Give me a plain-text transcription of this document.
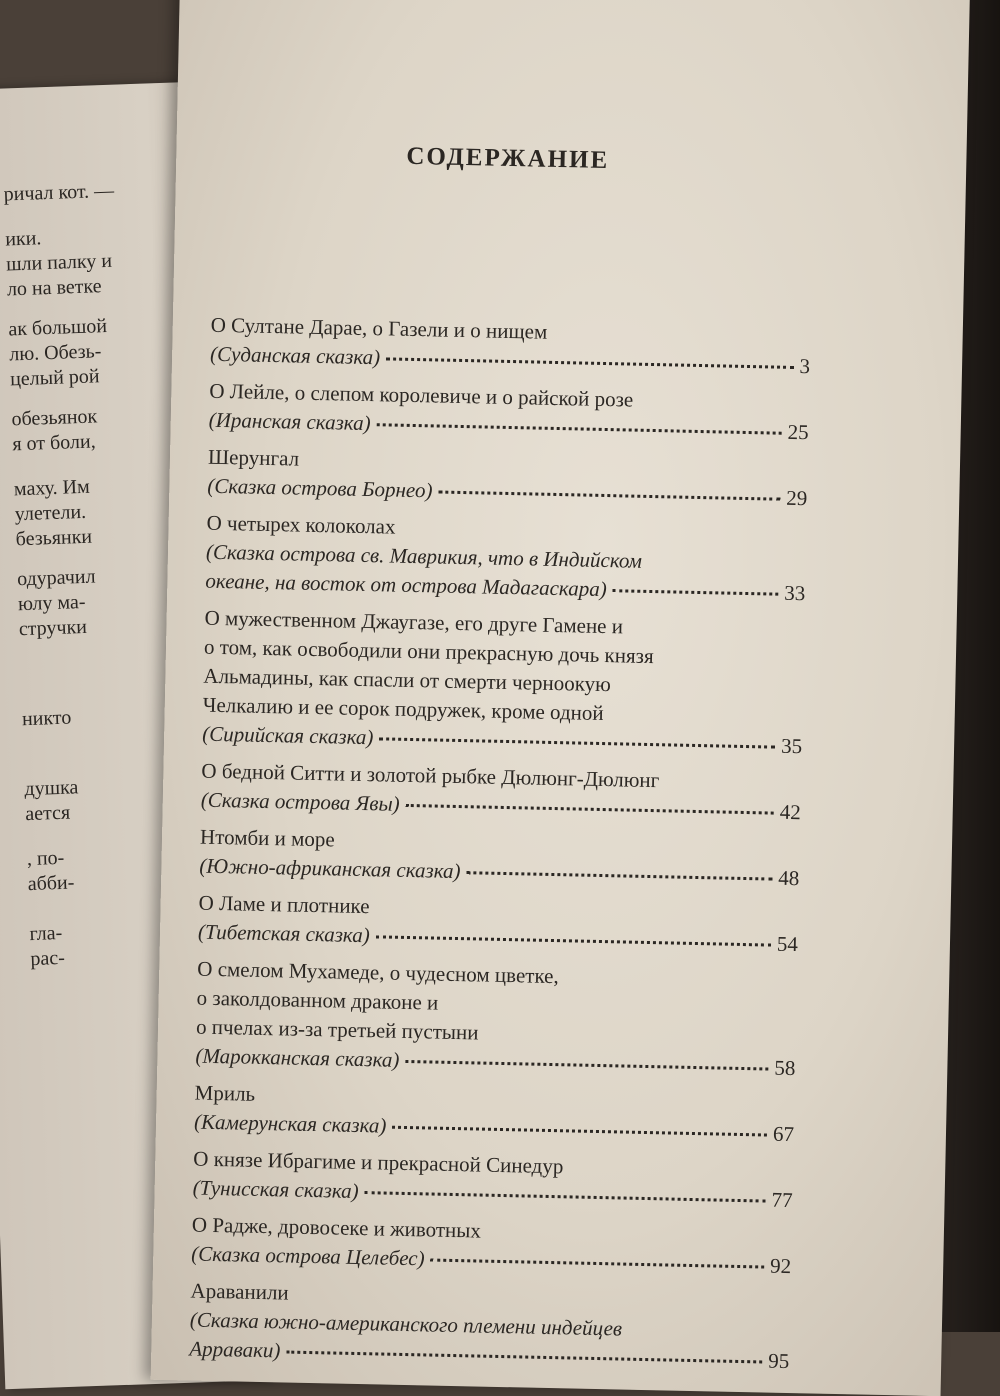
ричал кот. —
ики.
шли палку и
ло на ветке
ак большой
лю. Обезь-
целый рой
обезьянок
я от боли,
маху. Им
улетели.
безьянки
одурачил
юлу ма-
стручки
никто
душка
ается
, по-
абби-
гла-
рас-
СОДЕРЖАНИЕ
О Султане Дарае, о Газели и о нищем
(Суданская сказка)	3
О Лейле, о слепом королевиче и о райской розе
(Иранская сказка)	25
Шерунгал
(Сказка острова Борнео)	29
О четырех колоколах
(Сказка острова св. Маврикия, что в Индийском
океане, на восток от острова Мадагаскара)	33
О мужественном Джаугазе, его друге Гамене и
о том, как освободили они прекрасную дочь князя
Альмадины, как спасли от смерти черноокую
Челкалию и ее сорок подружек, кроме одной
(Сирийская сказка)	35
О бедной Ситти и золотой рыбке Дюлюнг-Дюлюнг
(Сказка острова Явы)	42
Нтомби и море
(Южно-африканская сказка)	48
О Ламе и плотнике
(Тибетская сказка)	54
О смелом Мухамеде, о чудесном цветке,
о заколдованном драконе и
о пчелах из-за третьей пустыни
(Марокканская сказка)	58
Мриль
(Камерунская сказка)	67
О князе Ибрагиме и прекрасной Синедур
(Тунисская сказка)	77
О Радже, дровосеке и животных
(Сказка острова Целебес)	92
Араванили
(Сказка южно-американского племени индейцев
Арраваки)	95
